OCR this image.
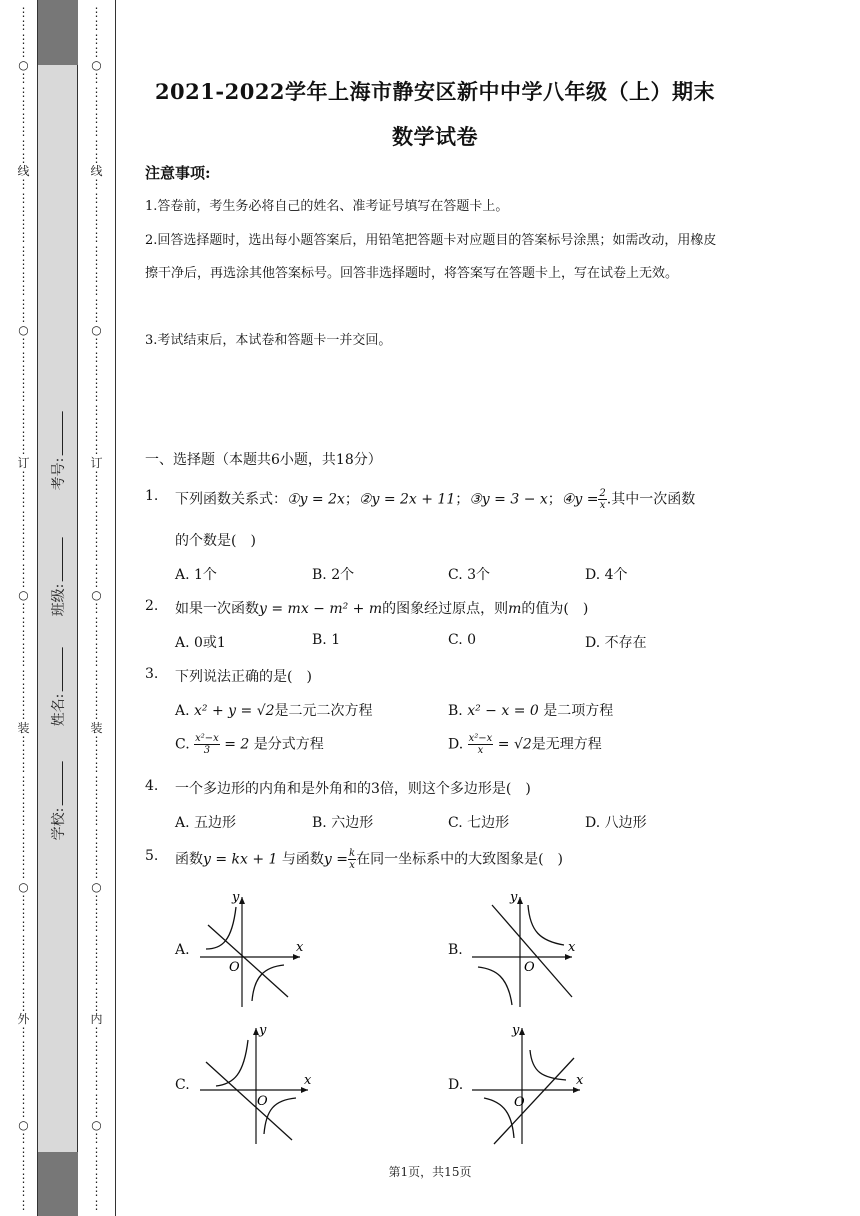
⋮
⋮
⋮
⋮
○
⋮
⋮
⋮
⋮
⋮
⋮
⋮
线
⋮
⋮
⋮
⋮
⋮
⋮
⋮
⋮
⋮
⋮
⋮
○
⋮
⋮
⋮
⋮
⋮
⋮
⋮
⋮
⋮
订
⋮
⋮
⋮
⋮
⋮
⋮
⋮
⋮
⋮
○
⋮
⋮
⋮
⋮
⋮
⋮
⋮
⋮
⋮
装
⋮
⋮
⋮
⋮
⋮
⋮
⋮
⋮
⋮
⋮
⋮
○
⋮
⋮
⋮
⋮
⋮
⋮
⋮
⋮
⋮
外
⋮
⋮
⋮
⋮
⋮
⋮
⋮
○
⋮
⋮
⋮
⋮
⋮
⋮
学校:
姓名:
班级:
考号:
⋮
⋮
⋮
⋮
○
⋮
⋮
⋮
⋮
⋮
⋮
⋮
线
⋮
⋮
⋮
⋮
⋮
⋮
⋮
⋮
⋮
⋮
⋮
○
⋮
⋮
⋮
⋮
⋮
⋮
⋮
⋮
⋮
订
⋮
⋮
⋮
⋮
⋮
⋮
⋮
⋮
⋮
○
⋮
⋮
⋮
⋮
⋮
⋮
⋮
⋮
⋮
装
⋮
⋮
⋮
⋮
⋮
⋮
⋮
⋮
⋮
⋮
⋮
○
⋮
⋮
⋮
⋮
⋮
⋮
⋮
⋮
⋮
内
⋮
⋮
⋮
⋮
⋮
⋮
⋮
○
⋮
⋮
⋮
⋮
⋮
⋮
2021-2022学年上海市静安区新中中学八年级（上）期末
数学试卷
注意事项:
1.答卷前，考生务必将自己的姓名、准考证号填写在答题卡上。
2.回答选择题时，选出每小题答案后，用铅笔把答题卡对应题目的答案标号涂黑；如需改动，用橡皮擦干净后，再选涂其他答案标号。回答非选择题时，将答案写在答题卡上，写在试卷上无效。
3.考试结束后，本试卷和答题卡一并交回。
一、选择题（本题共6小题，共18分）
1. 下列函数关系式：①y = 2x；②y = 2x + 11；③y = 3 − x；④y = $\frac{2}{x}$ .其中一次函数
的个数是(　)
A. 1个	B. 2个	C. 3个	D. 4个
2. 如果一次函数y = mx − m² + m的图象经过原点，则m的值为(　)
A. 0或1	B. 1	C. 0	D. 不存在
3. 下列说法正确的是(　)
A. x² + y = √2是二元二次方程	B. x² − x = 0 是二项方程
C. $\frac{\text{x²−x}}{3} = 2$ 是分式方程	D. $\frac{\text{x²−x}}{x} = √2$是无理方程
4. 一个多边形的内角和是外角和的3倍，则这个多边形是(　)
A. 五边形	B. 六边形	C. 七边形	D. 八边形
5. 函数y = kx + 1 与函数$y = \frac{k}{x}$ 在同一坐标系中的大致图象是(　)
A.	B.
C.	D.
x
y
O
x
y
O
x
y
O
x
y
O
第1页，共15页
